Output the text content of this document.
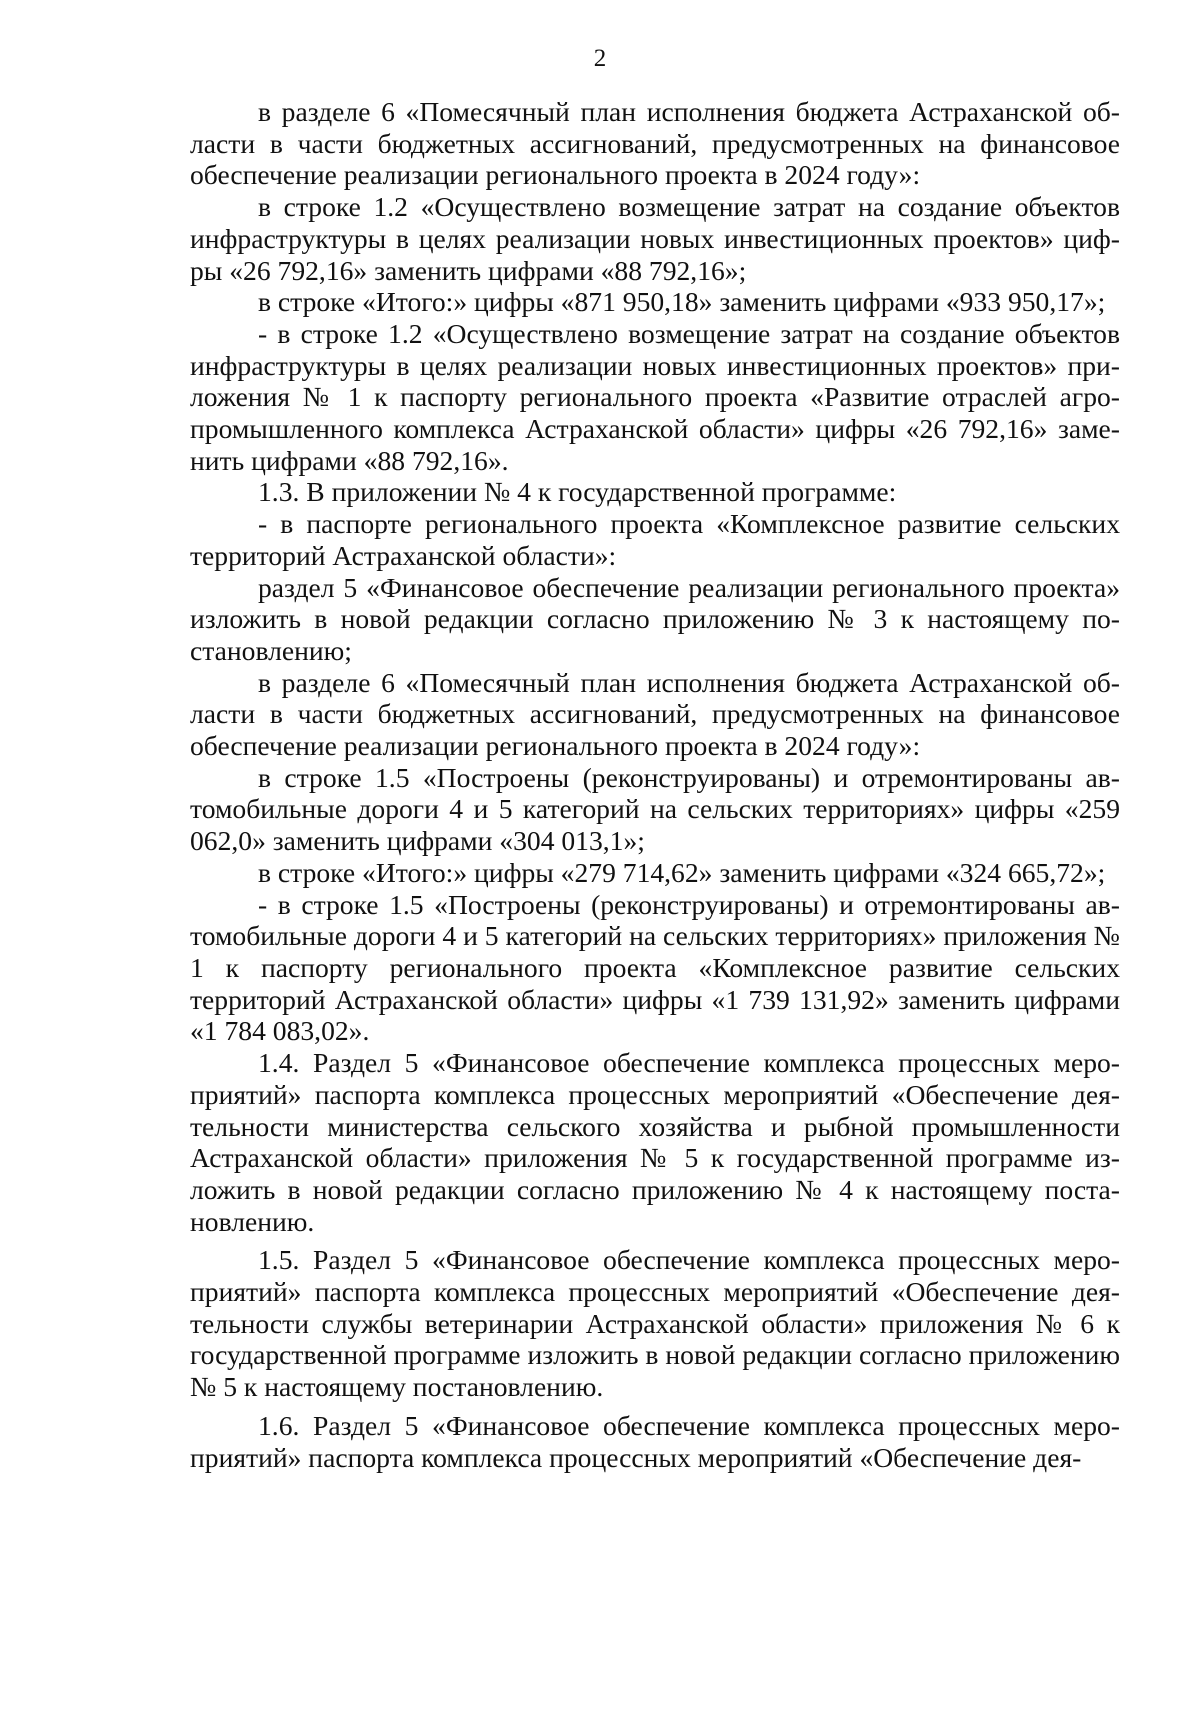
2

в разделе 6 «Помесячный план исполнения бюджета Астраханской области в части бюджетных ассигнований, предусмотренных на финансовое обеспечение реализации регионального проекта в 2024 году»:

в строке 1.2 «Осуществлено возмещение затрат на создание объектов инфраструктуры в целях реализации новых инвестиционных проектов» цифры «26 792,16» заменить цифрами «88 792,16»;

в строке «Итого:» цифры «871 950,18» заменить цифрами «933 950,17»;

- в строке 1.2 «Осуществлено возмещение затрат на создание объектов инфраструктуры в целях реализации новых инвестиционных проектов» приложения № 1 к паспорту регионального проекта «Развитие отраслей агропромышленного комплекса Астраханской области» цифры «26 792,16» заменить цифрами «88 792,16».

1.3. В приложении № 4 к государственной программе:

- в паспорте регионального проекта «Комплексное развитие сельских территорий Астраханской области»:

раздел 5 «Финансовое обеспечение реализации регионального проекта» изложить в новой редакции согласно приложению № 3 к настоящему постановлению;

в разделе 6 «Помесячный план исполнения бюджета Астраханской области в части бюджетных ассигнований, предусмотренных на финансовое обеспечение реализации регионального проекта в 2024 году»:

в строке 1.5 «Построены (реконструированы) и отремонтированы автомобильные дороги 4 и 5 категорий на сельских территориях» цифры «259 062,0» заменить цифрами «304 013,1»;

в строке «Итого:» цифры «279 714,62» заменить цифрами «324 665,72»;

- в строке 1.5 «Построены (реконструированы) и отремонтированы автомобильные дороги 4 и 5 категорий на сельских территориях» приложения № 1 к паспорту регионального проекта «Комплексное развитие сельских территорий Астраханской области» цифры «1 739 131,92» заменить цифрами «1 784 083,02».

1.4. Раздел 5 «Финансовое обеспечение комплекса процессных мероприятий» паспорта комплекса процессных мероприятий «Обеспечение деятельности министерства сельского хозяйства и рыбной промышленности Астраханской области» приложения № 5 к государственной программе изложить в новой редакции согласно приложению № 4 к настоящему постановлению.

1.5. Раздел 5 «Финансовое обеспечение комплекса процессных мероприятий» паспорта комплекса процессных мероприятий «Обеспечение деятельности службы ветеринарии Астраханской области» приложения № 6 к государственной программе изложить в новой редакции согласно приложению № 5 к настоящему постановлению.

1.6. Раздел 5 «Финансовое обеспечение комплекса процессных мероприятий» паспорта комплекса процессных мероприятий «Обеспечение дея-
